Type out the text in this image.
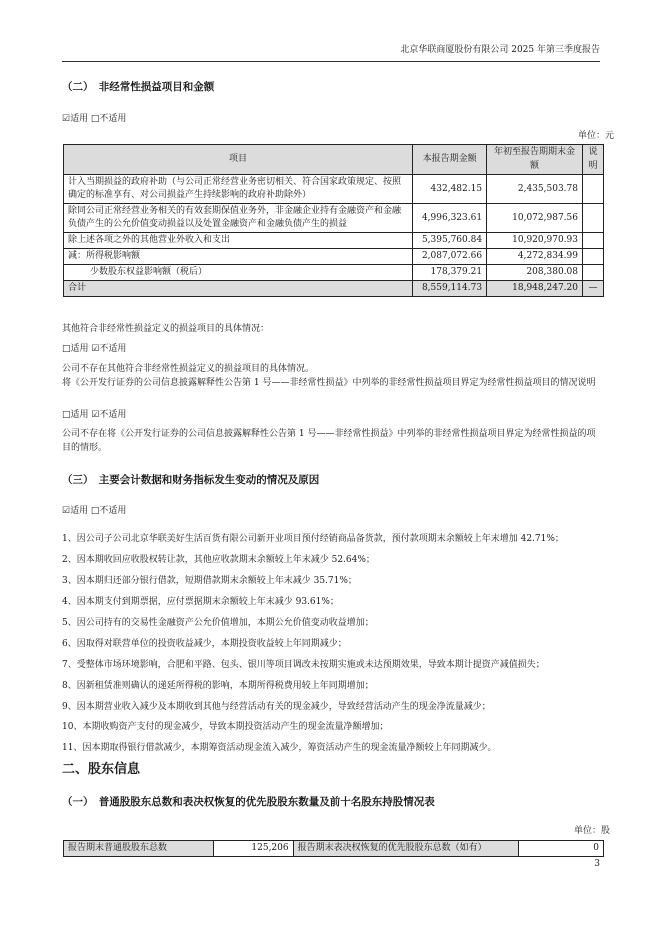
北京华联商厦股份有限公司 2025 年第三季度报告
（二）　非经常性损益项目和金额
☑适用 □不适用
单位：元
项目	本报告期金额	年初至报告期期末金额	说明
计入当期损益的政府补助（与公司正常经营业务密切相关、符合国家政策规定、按照确定的标准享有、对公司损益产生持续影响的政府补助除外）	432,482.15	2,435,503.78	
除同公司正常经营业务相关的有效套期保值业务外，非金融企业持有金融资产和金融负债产生的公允价值变动损益以及处置金融资产和金融负债产生的损益	4,996,323.61	10,072,987.56	
除上述各项之外的其他营业外收入和支出	5,395,760.84	10,920,970.93	
减：所得税影响额	2,087,072.66	4,272,834.99	
少数股东权益影响额（税后）	178,379.21	208,380.08	
合计	8,559,114.73	18,948,247.20	—
其他符合非经常性损益定义的损益项目的具体情况：
□适用 ☑不适用
公司不存在其他符合非经常性损益定义的损益项目的具体情况。
将《公开发行证券的公司信息披露解释性公告第 1 号——非经常性损益》中列举的非经常性损益项目界定为经常性损益项目的情况说明
□适用 ☑不适用
公司不存在将《公开发行证券的公司信息披露解释性公告第 1 号——非经常性损益》中列举的非经常性损益项目界定为经常性损益的项目的情形。
（三）　主要会计数据和财务指标发生变动的情况及原因
☑适用 □不适用
1、因公司子公司北京华联美好生活百货有限公司新开业项目预付经销商品备货款，预付款项期末余额较上年末增加 42.71%；
2、因本期收回应收股权转让款，其他应收款期末余额较上年末减少 52.64%；
3、因本期归还部分银行借款，短期借款期末余额较上年末减少 35.71%；
4、因本期支付到期票据，应付票据期末余额较上年末减少 93.61%；
5、因公司持有的交易性金融资产公允价值增加，本期公允价值变动收益增加；
6、因取得对联营单位的投资收益减少，本期投资收益较上年同期减少；
7、受整体市场环境影响，合肥和平路、包头、银川等项目调改未按期实施或未达预期效果，导致本期计提资产减值损失；
8、因新租赁准则确认的递延所得税的影响，本期所得税费用较上年同期增加；
9、因本期营业收入减少及本期收到其他与经营活动有关的现金减少，导致经营活动产生的现金净流量减少；
10、本期收购资产支付的现金减少，导致本期投资活动产生的现金流量净额增加；
11、因本期取得银行借款减少，本期筹资活动现金流入减少，筹资活动产生的现金流量净额较上年同期减少。
二、股东信息
（一）　普通股股东总数和表决权恢复的优先股股东数量及前十名股东持股情况表
单位：股
报告期末普通股股东总数	125,206	报告期末表决权恢复的优先股股东总数（如有）	0
3
